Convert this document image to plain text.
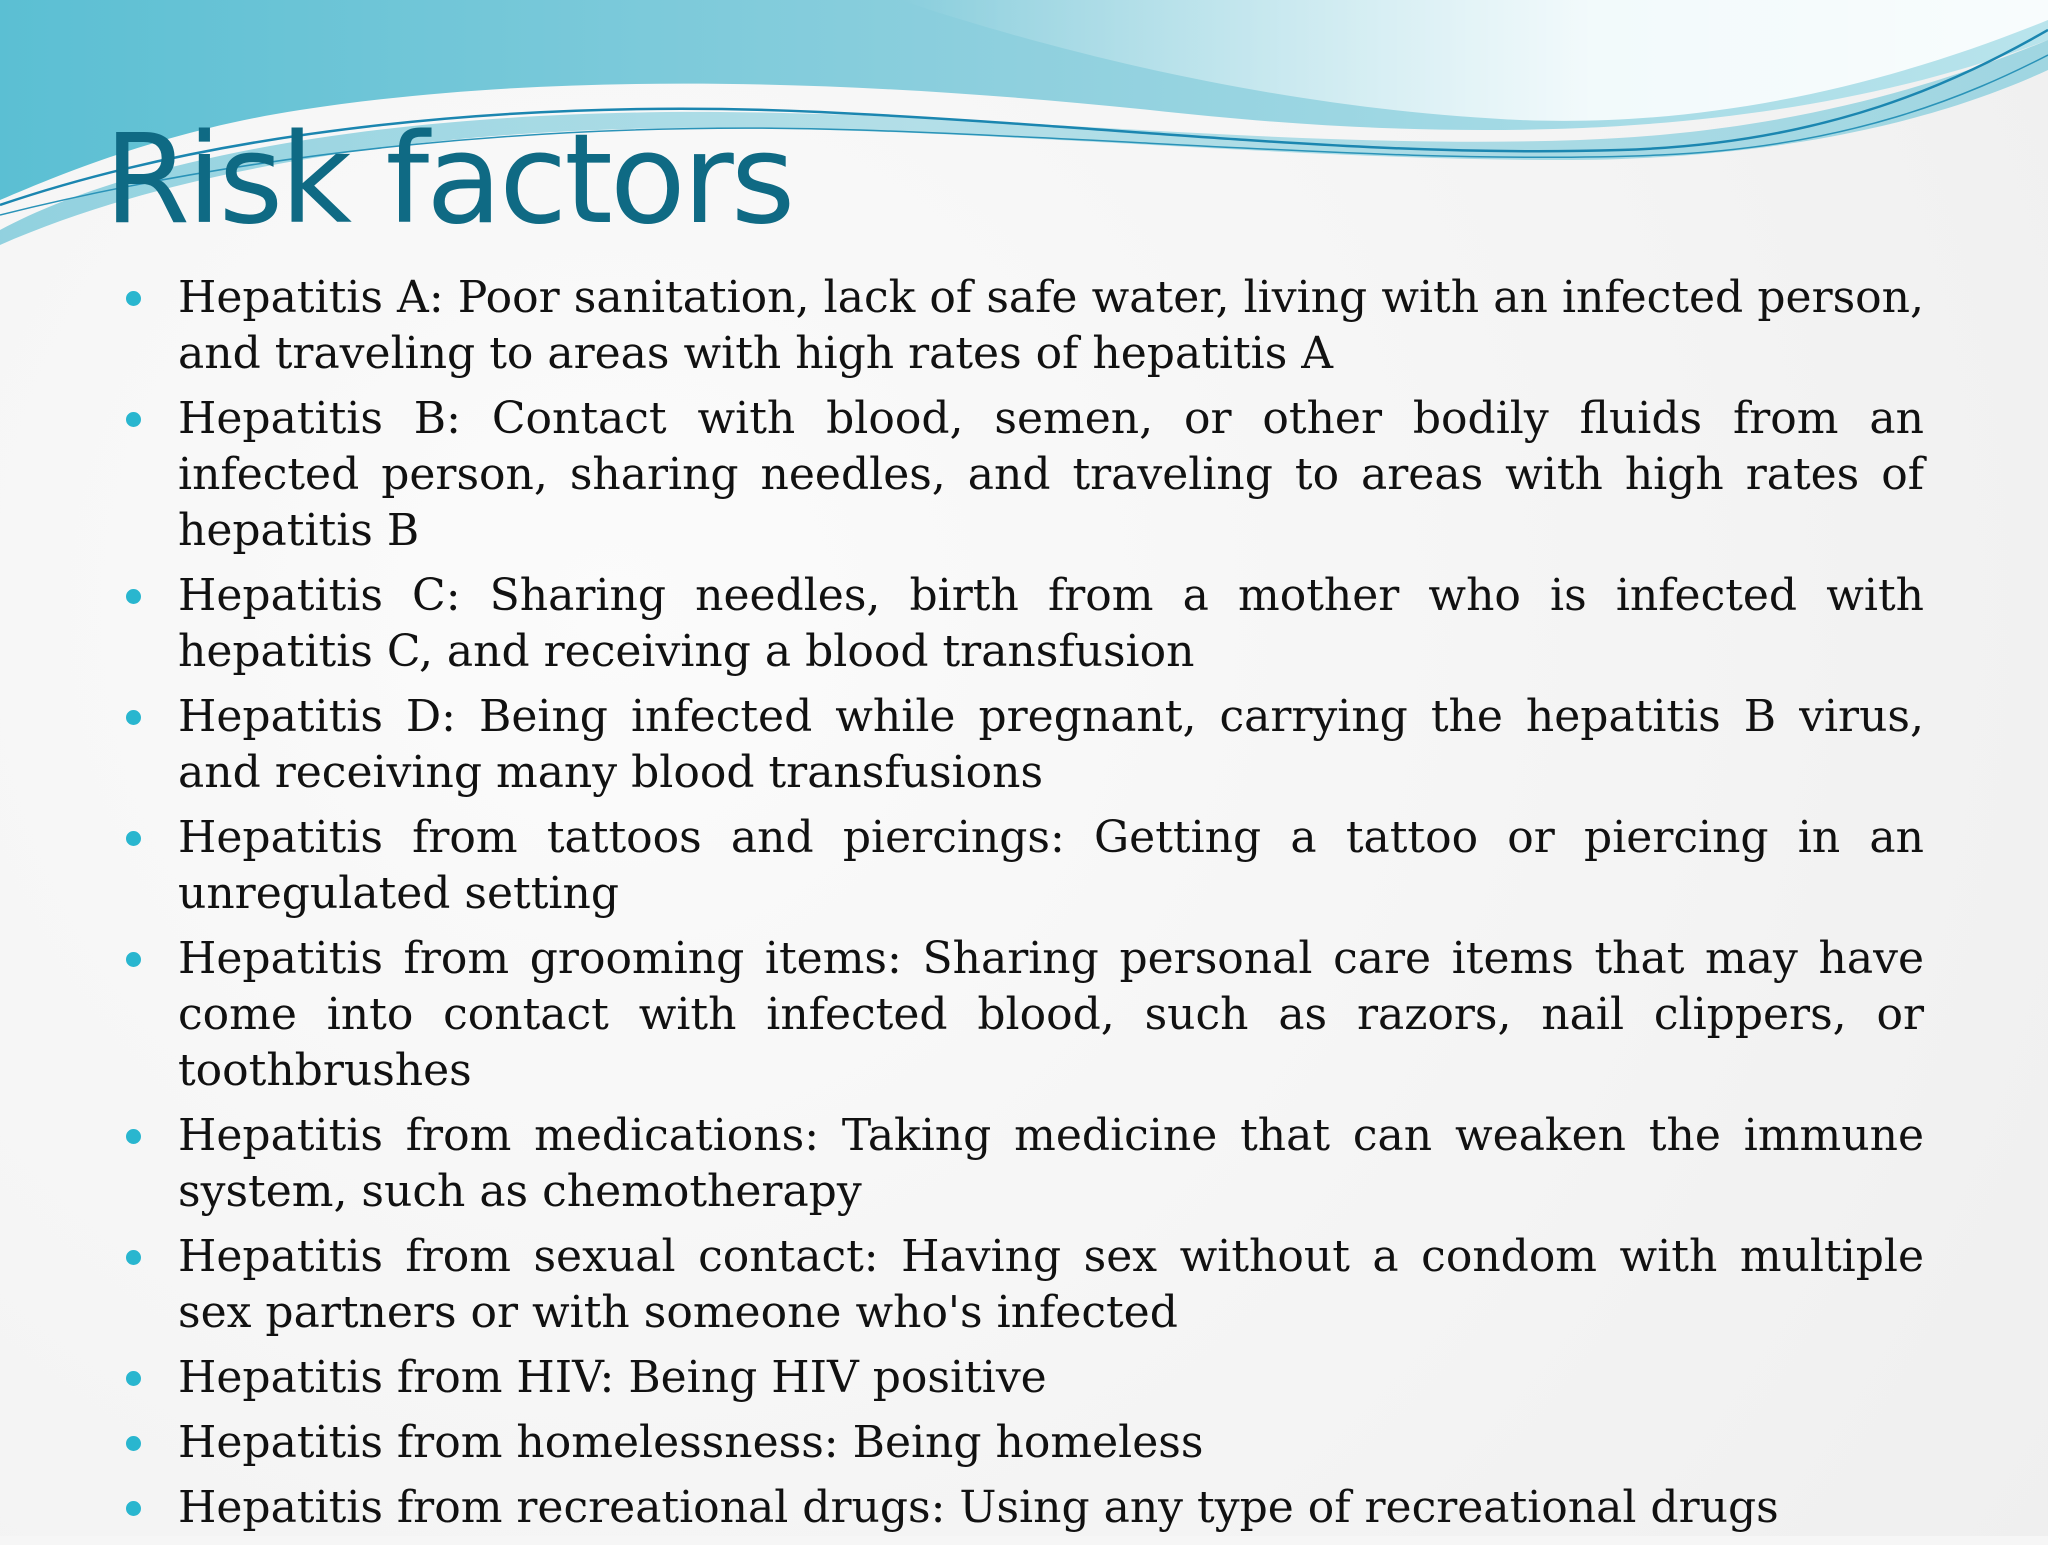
Risk factors
Hepatitis A: Poor sanitation, lack of safe water, living with an infected person, and traveling to areas with high rates of hepatitis A
Hepatitis B: Contact with blood, semen, or other bodily fluids from an infected person, sharing needles, and traveling to areas with high rates of hepatitis B
Hepatitis C: Sharing needles, birth from a mother who is infected with hepatitis C, and receiving a blood transfusion
Hepatitis D: Being infected while pregnant, carrying the hepatitis B virus, and receiving many blood transfusions
Hepatitis from tattoos and piercings: Getting a tattoo or piercing in an unregulated setting
Hepatitis from grooming items: Sharing personal care items that may have come into contact with infected blood, such as razors, nail clippers, or toothbrushes
Hepatitis from medications: Taking medicine that can weaken the immune system, such as chemotherapy
Hepatitis from sexual contact: Having sex without a condom with multiple sex partners or with someone who's infected
Hepatitis from HIV: Being HIV positive
Hepatitis from homelessness: Being homeless
Hepatitis from recreational drugs: Using any type of recreational drugs
